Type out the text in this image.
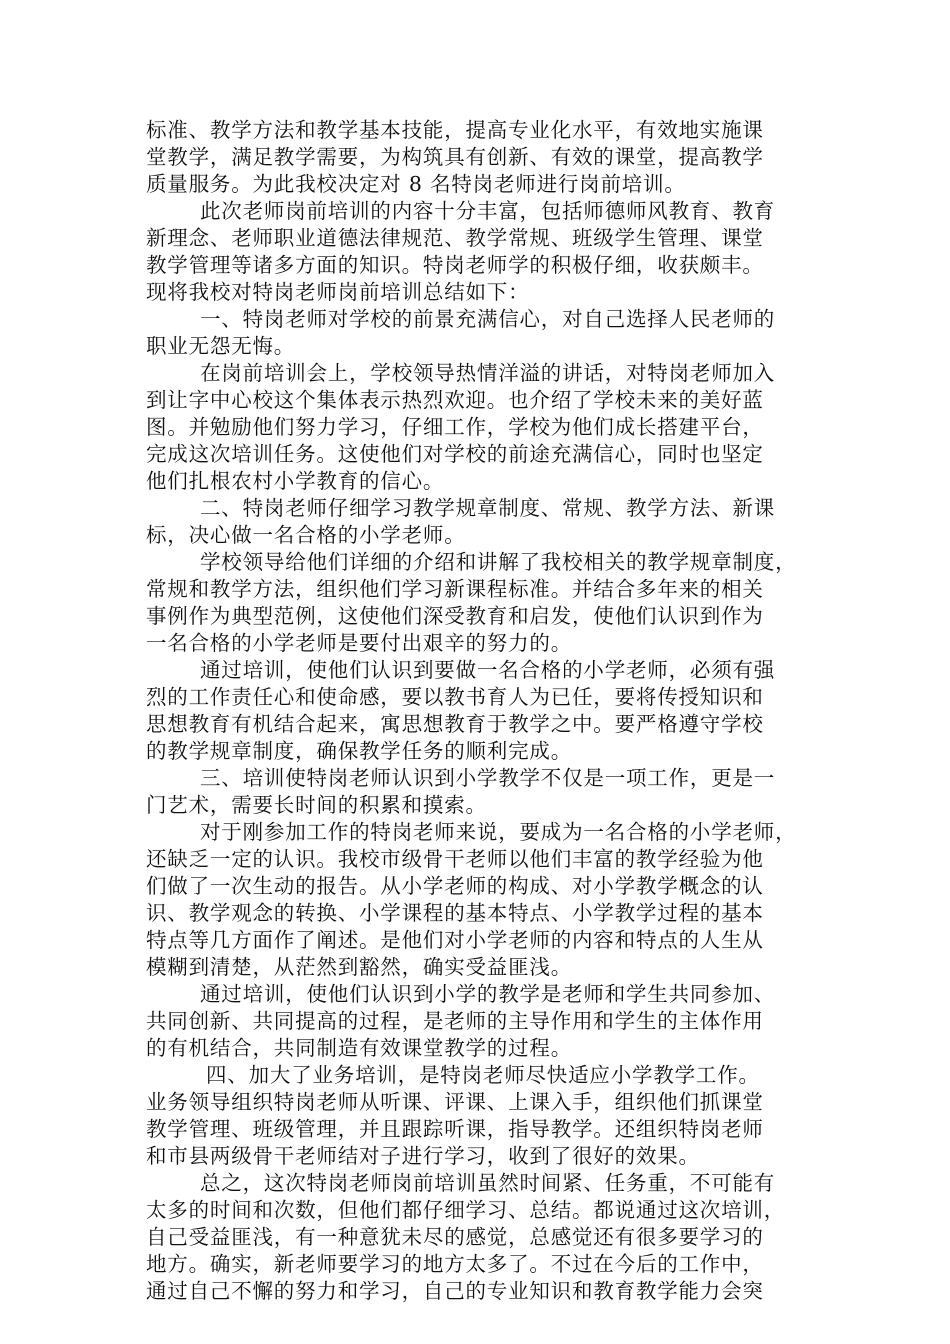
标准、教学方法和教学基本技能，提高专业化水平，有效地实施课
堂教学，满足教学需要，为构筑具有创新、有效的课堂，提高教学
质量服务。为此我校决定对 8 名特岗老师进行岗前培训。
此次老师岗前培训的内容十分丰富，包括师德师风教育、教育
新理念、老师职业道德法律规范、教学常规、班级学生管理、课堂
教学管理等诸多方面的知识。特岗老师学的积极仔细，收获颇丰。
现将我校对特岗老师岗前培训总结如下：
一、特岗老师对学校的前景充满信心，对自己选择人民老师的
职业无怨无悔。
在岗前培训会上，学校领导热情洋溢的讲话，对特岗老师加入
到让字中心校这个集体表示热烈欢迎。也介绍了学校未来的美好蓝
图。并勉励他们努力学习，仔细工作，学校为他们成长搭建平台，
完成这次培训任务。这使他们对学校的前途充满信心，同时也坚定
他们扎根农村小学教育的信心。
二、特岗老师仔细学习教学规章制度、常规、教学方法、新课
标，决心做一名合格的小学老师。
学校领导给他们详细的介绍和讲解了我校相关的教学规章制度，
常规和教学方法，组织他们学习新课程标准。并结合多年来的相关
事例作为典型范例，这使他们深受教育和启发，使他们认识到作为
一名合格的小学老师是要付出艰辛的努力的。
通过培训，使他们认识到要做一名合格的小学老师，必须有强
烈的工作责任心和使命感，要以教书育人为已任，要将传授知识和
思想教育有机结合起来，寓思想教育于教学之中。要严格遵守学校
的教学规章制度，确保教学任务的顺利完成。
三、培训使特岗老师认识到小学教学不仅是一项工作，更是一
门艺术，需要长时间的积累和摸索。
对于刚参加工作的特岗老师来说，要成为一名合格的小学老师，
还缺乏一定的认识。我校市级骨干老师以他们丰富的教学经验为他
们做了一次生动的报告。从小学老师的构成、对小学教学概念的认
识、教学观念的转换、小学课程的基本特点、小学教学过程的基本
特点等几方面作了阐述。是他们对小学老师的内容和特点的人生从
模糊到清楚，从茫然到豁然，确实受益匪浅。
通过培训，使他们认识到小学的教学是老师和学生共同参加、
共同创新、共同提高的过程，是老师的主导作用和学生的主体作用
的有机结合，共同制造有效课堂教学的过程。
四、加大了业务培训，是特岗老师尽快适应小学教学工作。
业务领导组织特岗老师从听课、评课、上课入手，组织他们抓课堂
教学管理、班级管理，并且跟踪听课，指导教学。还组织特岗老师
和市县两级骨干老师结对子进行学习，收到了很好的效果。
总之，这次特岗老师岗前培训虽然时间紧、任务重，不可能有
太多的时间和次数，但他们都仔细学习、总结。都说通过这次培训，
自己受益匪浅，有一种意犹未尽的感觉，总感觉还有很多要学习的
地方。确实，新老师要学习的地方太多了。不过在今后的工作中，
通过自己不懈的努力和学习，自己的专业知识和教育教学能力会突
